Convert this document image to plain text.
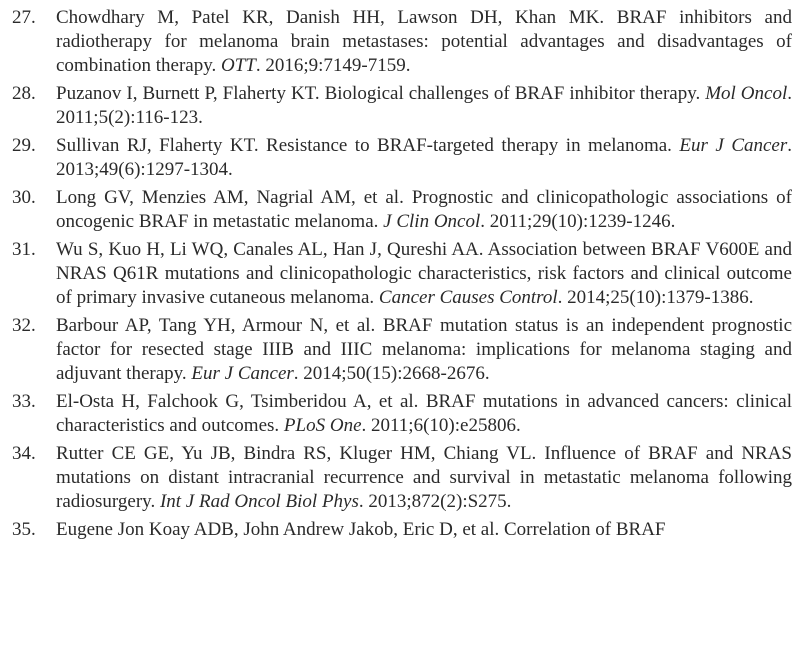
27.	Chowdhary M, Patel KR, Danish HH, Lawson DH, Khan MK. BRAF inhibitors and radiotherapy for melanoma brain metastases: potential advantages and disadvantages of combination therapy. OTT. 2016;9:7149-7159.
28.	Puzanov I, Burnett P, Flaherty KT. Biological challenges of BRAF inhibitor therapy. Mol Oncol. 2011;5(2):116-123.
29.	Sullivan RJ, Flaherty KT. Resistance to BRAF-targeted therapy in melanoma. Eur J Cancer. 2013;49(6):1297-1304.
30.	Long GV, Menzies AM, Nagrial AM, et al. Prognostic and clinicopathologic associations of oncogenic BRAF in metastatic melanoma. J Clin Oncol. 2011;29(10):1239-1246.
31.	Wu S, Kuo H, Li WQ, Canales AL, Han J, Qureshi AA. Association between BRAF V600E and NRAS Q61R mutations and clinicopathologic characteristics, risk factors and clinical outcome of primary invasive cutaneous melanoma. Cancer Causes Control. 2014;25(10):1379-1386.
32.	Barbour AP, Tang YH, Armour N, et al. BRAF mutation status is an independent prognostic factor for resected stage IIIB and IIIC melanoma: implications for melanoma staging and adjuvant therapy. Eur J Cancer. 2014;50(15):2668-2676.
33.	El-Osta H, Falchook G, Tsimberidou A, et al. BRAF mutations in advanced cancers: clinical characteristics and outcomes. PLoS One. 2011;6(10):e25806.
34.	Rutter CE GE, Yu JB, Bindra RS, Kluger HM, Chiang VL. Influence of BRAF and NRAS mutations on distant intracranial recurrence and survival in metastatic melanoma following radiosurgery. Int J Rad Oncol Biol Phys. 2013;872(2):S275.
35.	Eugene Jon Koay ADB, John Andrew Jakob, Eric D, et al. Correlation of BRAF
